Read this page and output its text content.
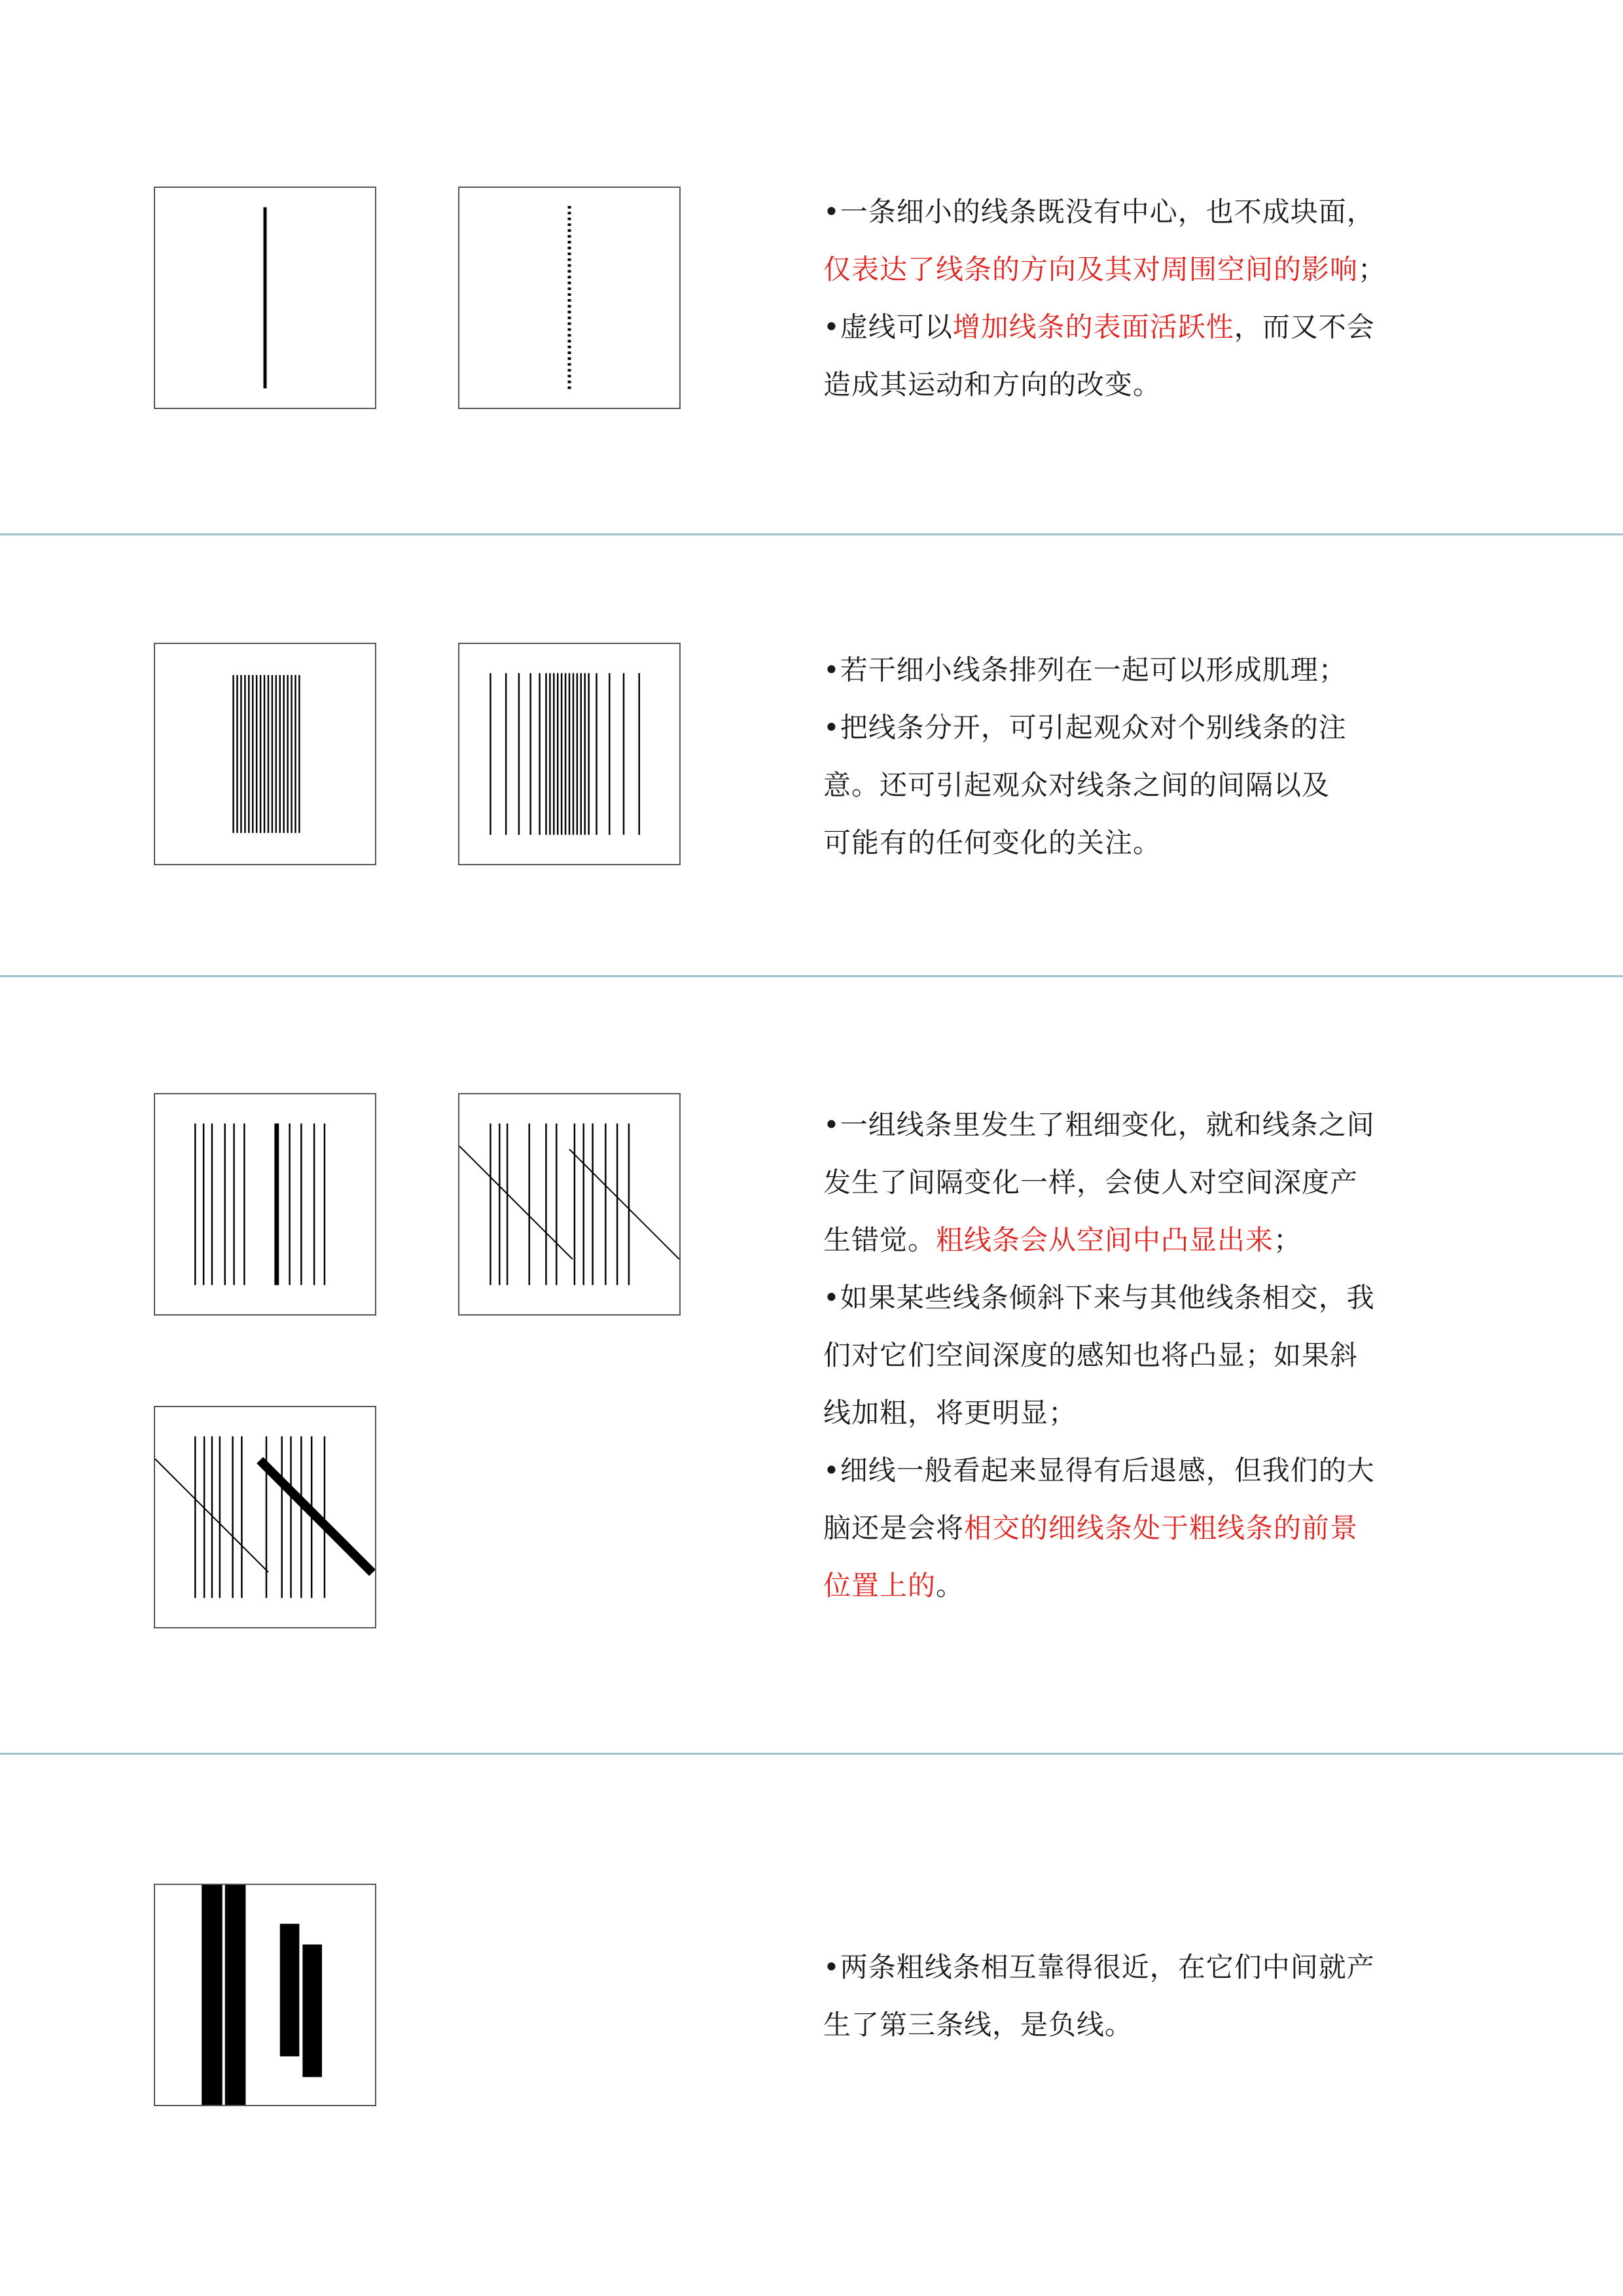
•一条细小的线条既没有中心，也不成块面，
仅表达了线条的方向及其对周围空间的影响；
•虚线可以增加线条的表面活跃性，而又不会
造成其运动和方向的改变。
•若干细小线条排列在一起可以形成肌理；
•把线条分开，可引起观众对个别线条的注
意。还可引起观众对线条之间的间隔以及
可能有的任何变化的关注。
•一组线条里发生了粗细变化，就和线条之间
发生了间隔变化一样，会使人对空间深度产
生错觉。粗线条会从空间中凸显出来；
•如果某些线条倾斜下来与其他线条相交，我
们对它们空间深度的感知也将凸显；如果斜
线加粗，将更明显；
•细线一般看起来显得有后退感，但我们的大
脑还是会将相交的细线条处于粗线条的前景
位置上的。
•两条粗线条相互靠得很近，在它们中间就产
生了第三条线，是负线。
